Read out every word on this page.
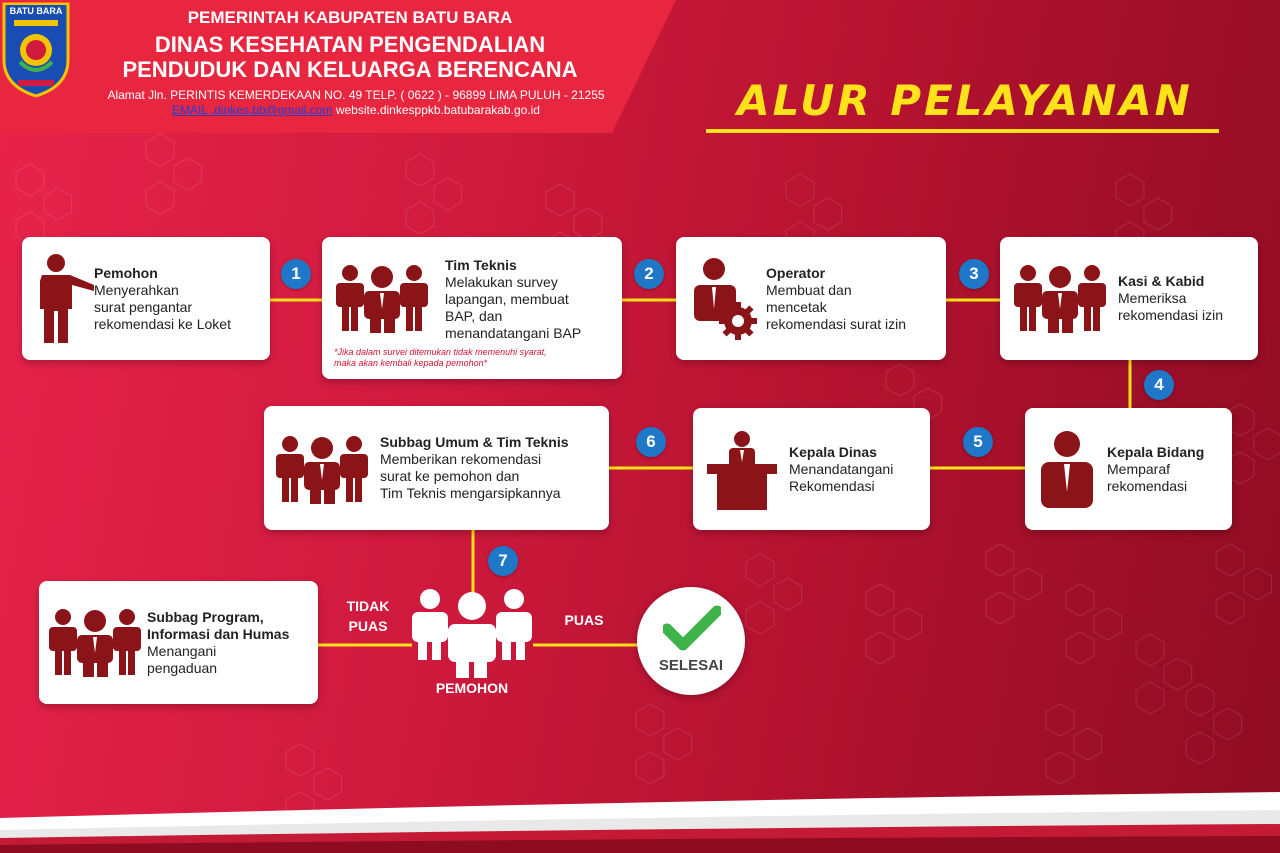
BATU BARA	PEMERINTAH KABUPATEN BATU BARA
DINAS KESEHATAN PENGENDALIAN
PENDUDUK DAN KELUARGA BERENCANA
Alamat Jln. PERINTIS KEMERDEKAAN NO. 49 TELP. ( 0622 ) - 96899 LIMA PULUH - 21255
EMAIL .dinkes.bb@gmail.com website.dinkesppkb.batubarakab.go.id	ALUR PELAYANAN
Pemohon
Menyerahkan
surat pengantar
rekomendasi ke Loket
Tim Teknis
Melakukan survey
lapangan, membuat
BAP, dan
menandatangani BAP
*Jika dalam survei ditemukan tidak memenuhi syarat,
maka akan kembali kepada pemohon*
Operator
Membuat dan
mencetak
rekomendasi surat izin
Kasi & Kabid
Memeriksa
rekomendasi izin
Kepala Bidang
Memparaf
rekomendasi
Kepala Dinas
Menandatangani
Rekomendasi
Subbag Umum & Tim Teknis
Memberikan rekomendasi
surat ke pemohon dan
Tim Teknis mengarsipkannya
Subbag Program,
Informasi dan Humas
Menangani
pengaduan
1	2	3
4
5
6
7
PEMOHON
TIDAK
PUAS	PUAS
SELESAI
